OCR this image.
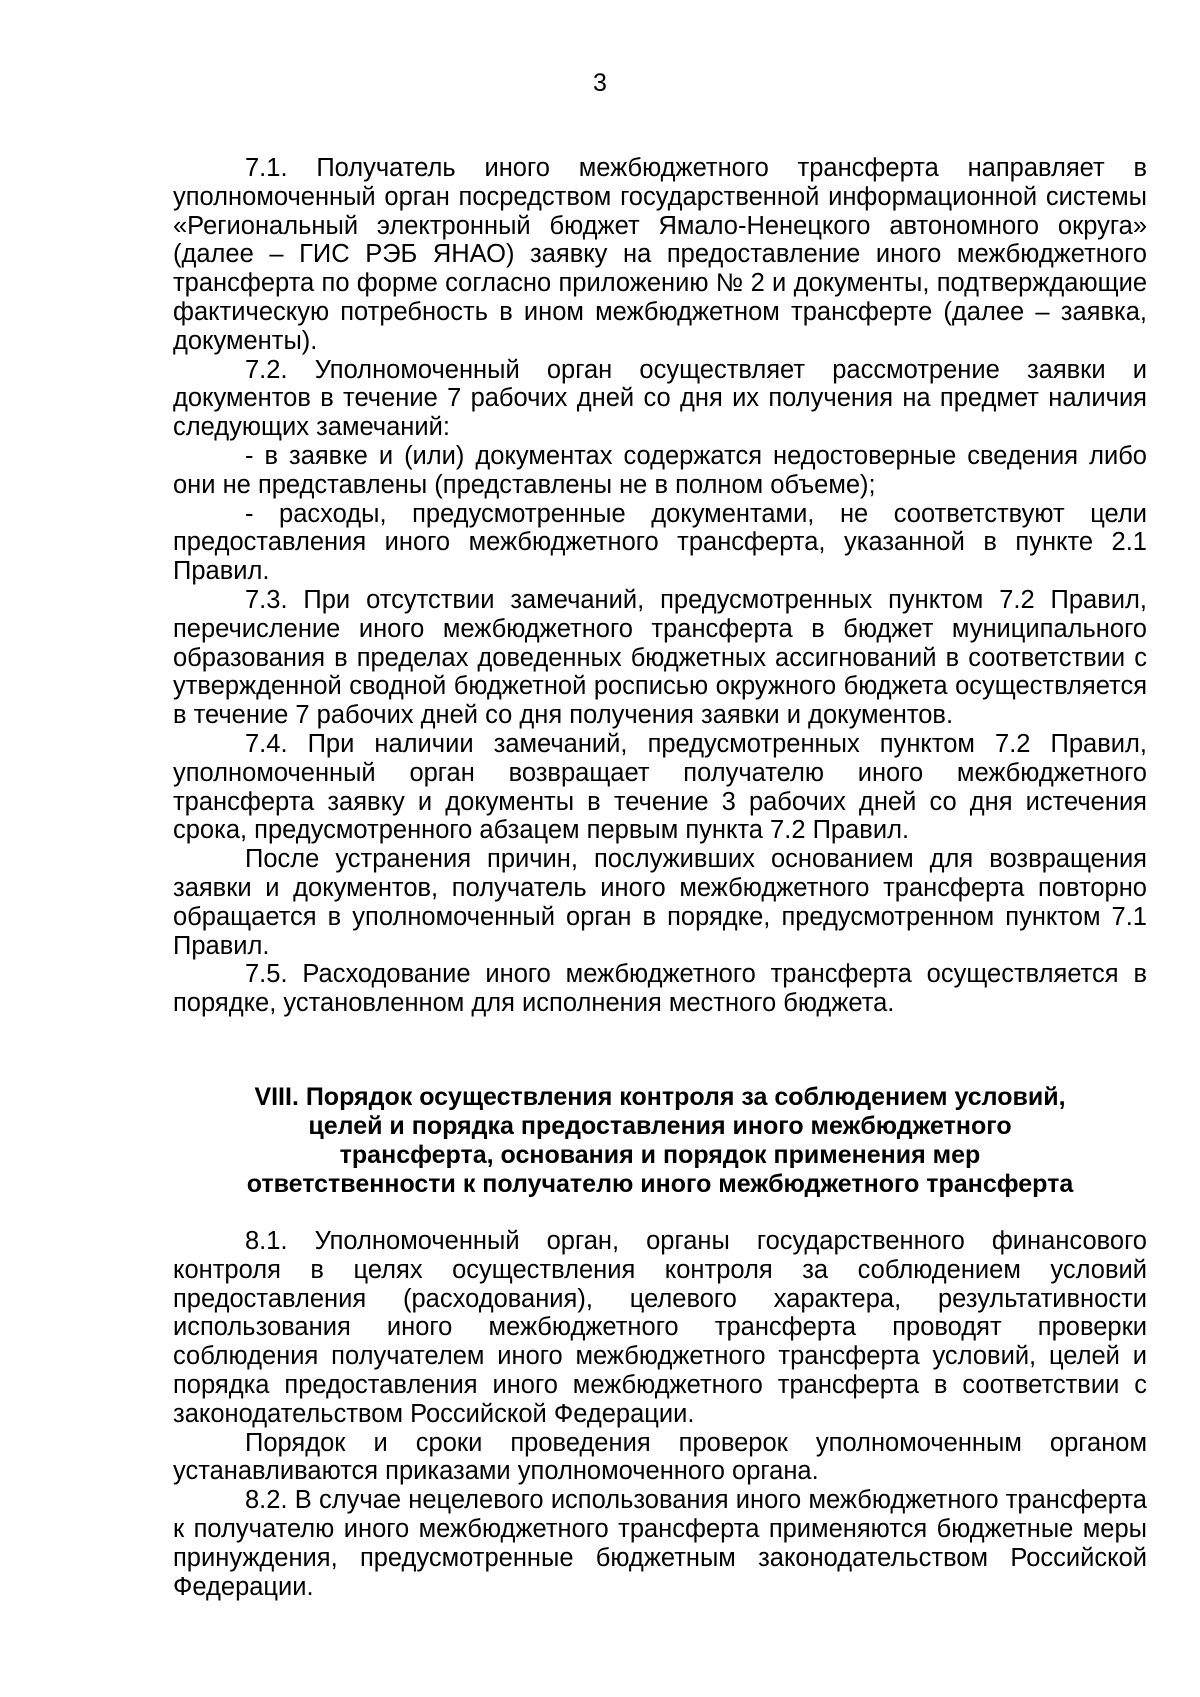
3

7.1. Получатель иного межбюджетного трансферта направляет в уполномоченный орган посредством государственной информационной системы «Региональный электронный бюджет Ямало-Ненецкого автономного округа» (далее – ГИС РЭБ ЯНАО) заявку на предоставление иного межбюджетного трансферта по форме согласно приложению № 2 и документы, подтверждающие фактическую потребность в ином межбюджетном трансферте (далее – заявка, документы).

7.2. Уполномоченный орган осуществляет рассмотрение заявки и документов в течение 7 рабочих дней со дня их получения на предмет наличия следующих замечаний:

- в заявке и (или) документах содержатся недостоверные сведения либо они не представлены (представлены не в полном объеме);

- расходы, предусмотренные документами, не соответствуют цели предоставления иного межбюджетного трансферта, указанной в пункте 2.1 Правил.

7.3. При отсутствии замечаний, предусмотренных пунктом 7.2 Правил, перечисление иного межбюджетного трансферта в бюджет муниципального образования в пределах доведенных бюджетных ассигнований в соответствии с утвержденной сводной бюджетной росписью окружного бюджета осуществляется в течение 7 рабочих дней со дня получения заявки и документов.

7.4. При наличии замечаний, предусмотренных пунктом 7.2 Правил, уполномоченный орган возвращает получателю иного межбюджетного трансферта заявку и документы в течение 3 рабочих дней со дня истечения срока, предусмотренного абзацем первым пункта 7.2 Правил.

После устранения причин, послуживших основанием для возвращения заявки и документов, получатель иного межбюджетного трансферта повторно обращается в уполномоченный орган в порядке, предусмотренном пунктом 7.1 Правил.

7.5. Расходование иного межбюджетного трансферта осуществляется в порядке, установленном для исполнения местного бюджета.

VIII. Порядок осуществления контроля за соблюдением условий,
целей и порядка предоставления иного межбюджетного
трансферта, основания и порядок применения мер
ответственности к получателю иного межбюджетного трансферта

8.1. Уполномоченный орган, органы государственного финансового контроля в целях осуществления контроля за соблюдением условий предоставления (расходования), целевого характера, результативности использования иного межбюджетного трансферта проводят проверки соблюдения получателем иного межбюджетного трансферта условий, целей и порядка предоставления иного межбюджетного трансферта в соответствии с законодательством Российской Федерации.

Порядок и сроки проведения проверок уполномоченным органом устанавливаются приказами уполномоченного органа.

8.2. В случае нецелевого использования иного межбюджетного трансферта к получателю иного межбюджетного трансферта применяются бюджетные меры принуждения, предусмотренные бюджетным законодательством Российской Федерации.
